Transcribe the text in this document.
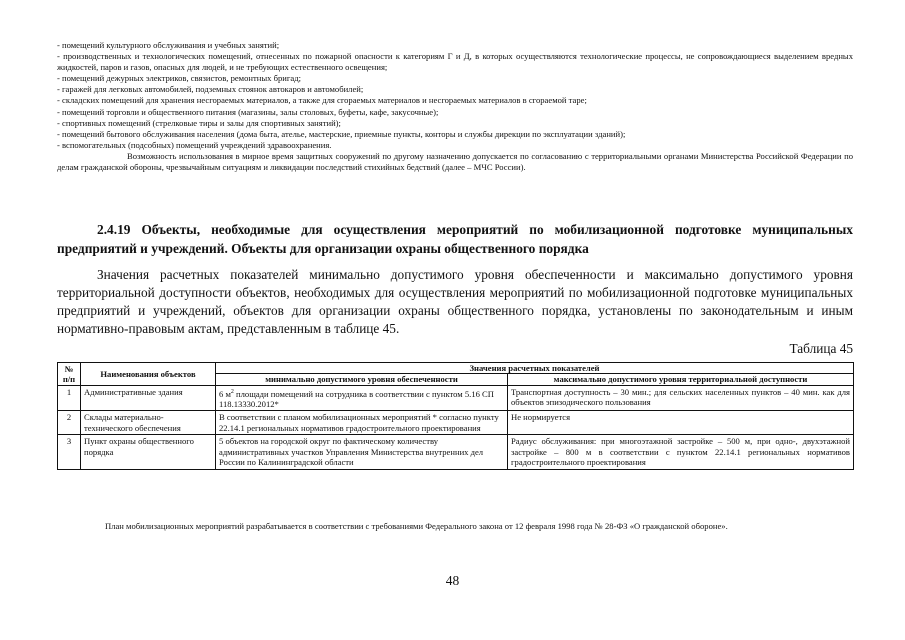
- помещений культурного обслуживания и учебных занятий;
- производственных и технологических помещений, отнесенных по пожарной опасности к категориям Г и Д, в которых осуществляются технологические процессы, не сопровождающиеся выделением вредных жидкостей, паров и газов, опасных для людей, и не требующих естественного освещения;
- помещений дежурных электриков, связистов, ремонтных бригад;
- гаражей для легковых автомобилей, подземных стоянок автокаров и автомобилей;
- складских помещений для хранения несгораемых материалов, а также для сгораемых материалов и несгораемых материалов в сгораемой таре;
- помещений торговли и общественного питания (магазины, залы столовых, буфеты, кафе, закусочные);
- спортивных помещений (стрелковые тиры и залы для спортивных занятий);
- помещений бытового обслуживания населения (дома быта, ателье, мастерские, приемные пункты, конторы и службы дирекции по эксплуатации зданий);
- вспомогательных (подсобных) помещений учреждений здравоохранения.
Возможность использования в мирное время защитных сооружений по другому назначению допускается по согласованию с территориальными органами Министерства Российской Федерации по делам гражданской обороны, чрезвычайным ситуациям и ликвидации последствий стихийных бедствий (далее – МЧС России).
2.4.19 Объекты, необходимые для осуществления мероприятий по мобилизационной подготовке муниципальных предприятий и учреждений. Объекты для организации охраны общественного порядка
Значения расчетных показателей минимально допустимого уровня обеспеченности и максимально допустимого уровня территориальной доступности объектов, необходимых для осуществления мероприятий по мобилизационной подготовке муниципальных предприятий и учреждений, объектов для организации охраны общественного порядка, установлены по законодательным и иным нормативно-правовым актам, представленным в таблице 45.
Таблица 45
№ п/п	Наименования объектов	Значения расчетных показателей	
		минимально допустимого уровня обеспеченности	максимально допустимого уровня территориальной доступности
1	Административные здания	6 $м^2$ площади помещений на сотрудника в соответствии с пунктом 5.16 СП 118.13330.2012*	Транспортная доступность – 30 мин.; для сельских населенных пунктов – 40 мин. как для объектов эпизодического пользования
2	Склады материально-технического обеспечения	В соответствии с планом мобилизационных мероприятий * согласно пункту 22.14.1 региональных нормативов градостроительного проектирования	Не нормируется
3	Пункт охраны общественного порядка	5 объектов на городской округ по фактическому количеству административных участков Управления Министерства внутренних дел России по Калининградской области	Радиус обслуживания: при многоэтажной застройке – 500 м, при одно-, двухэтажной застройке – 800 м в соответствии с пунктом 22.14.1 региональных нормативов градостроительного проектирования
План мобилизационных мероприятий разрабатывается в соответствии с требованиями Федерального закона от 12 февраля 1998 года № 28-ФЗ «О гражданской обороне».
48
